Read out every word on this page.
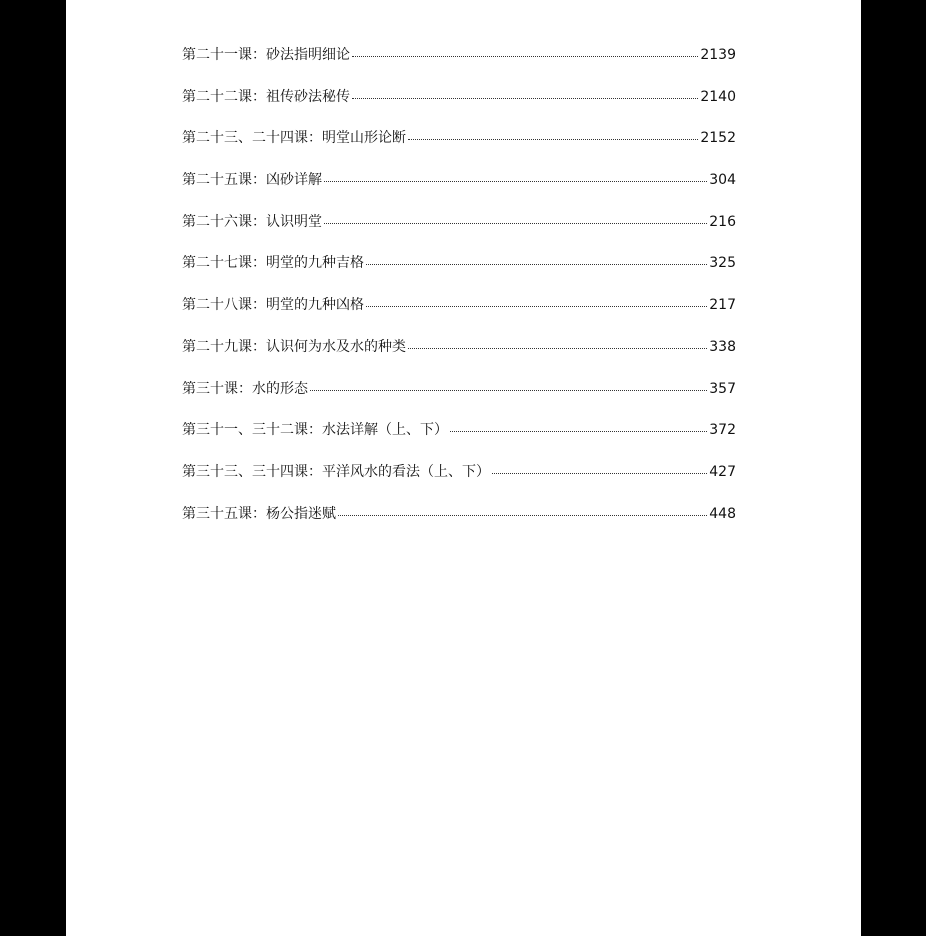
第二十一课：砂法指明细论	2139
第二十二课：祖传砂法秘传	2140
第二十三、二十四课：明堂山形论断	2152
第二十五课：凶砂详解	304
第二十六课：认识明堂	216
第二十七课：明堂的九种吉格	325
第二十八课：明堂的九种凶格	217
第二十九课：认识何为水及水的种类	338
第三十课：水的形态	357
第三十一、三十二课：水法详解（上、下）	372
第三十三、三十四课：平洋风水的看法（上、下）	427
第三十五课：杨公指迷赋	448
